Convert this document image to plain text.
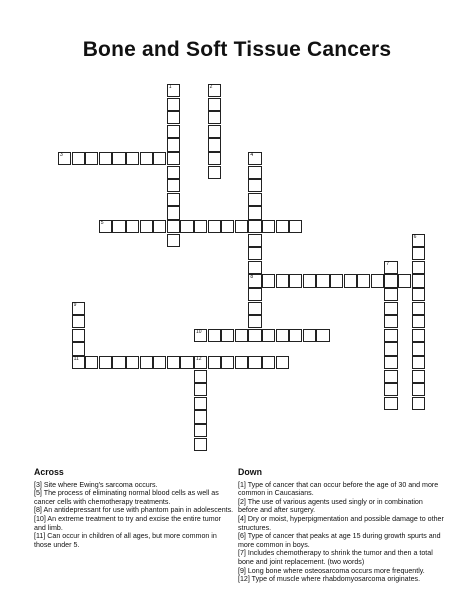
Bone and Soft Tissue Cancers
1	2
3	4
8
5
6
7
9
11
10
12
Across
[3] Site where Ewing's sarcoma occurs.
[5] The process of eliminating normal blood cells as well as cancer cells with chemotherapy treatments.
[8] An antidepressant for use with phantom pain in adolescents.
[10] An extreme treatment to try and excise the entire tumor and limb.
[11] Can occur in children of all ages, but more common in those under 5.
Down
[1] Type of cancer that can occur before the age of 30 and more common in Caucasians.
[2] The use of various agents used singly or in combination before and after surgery.
[4] Dry or moist, hyperpigmentation and possible damage to other structures.
[6] Type of cancer that peaks at age 15 during growth spurts and more common in boys.
[7] Includes chemotherapy to shrink the tumor and then a total bone and joint replacement. (two words)
[9] Long bone where osteosarcoma occurs more frequently.
[12] Type of muscle where rhabdomyosarcoma originates.
